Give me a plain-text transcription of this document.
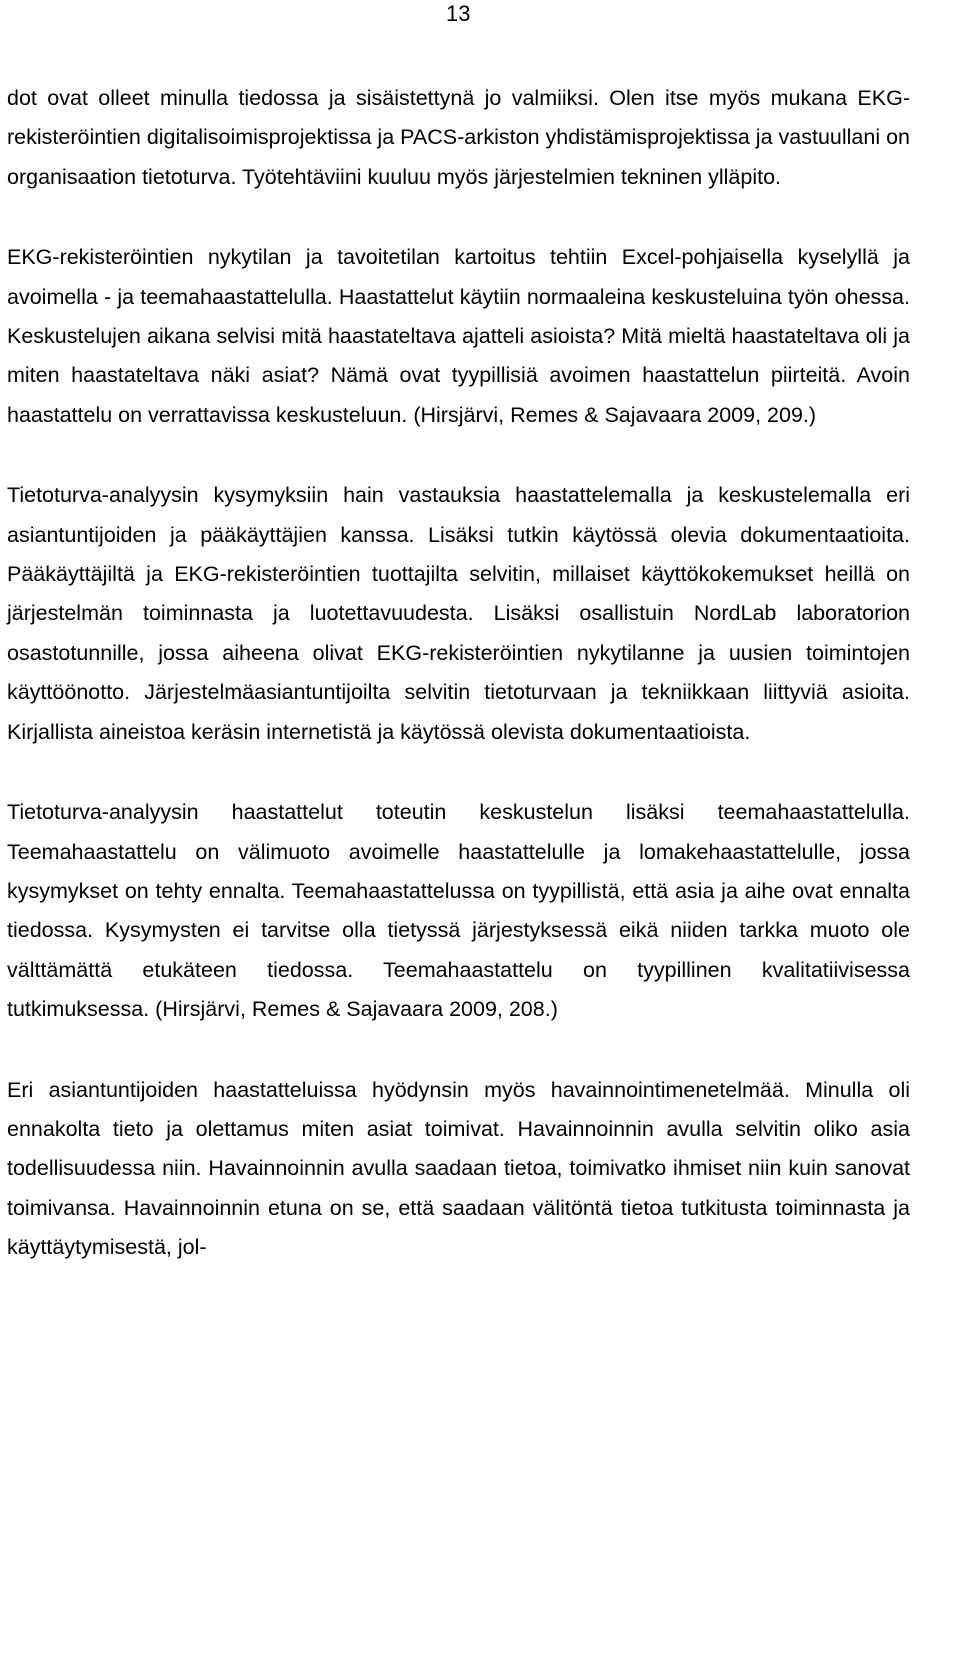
13

dot ovat olleet minulla tiedossa ja sisäistettynä jo valmiiksi. Olen itse myös mukana EKG-rekisteröintien digitalisoimisprojektissa ja PACS-arkiston yhdistämisprojektissa ja vastuullani on organisaation tietoturva. Työtehtäviini kuuluu myös järjestelmien tekninen ylläpito.

EKG-rekisteröintien nykytilan ja tavoitetilan kartoitus tehtiin Excel-pohjaisella kyselyllä ja avoimella - ja teemahaastattelulla. Haastattelut käytiin normaaleina keskusteluina työn ohessa. Keskustelujen aikana selvisi mitä haastateltava ajatteli asioista? Mitä mieltä haastateltava oli ja miten haastateltava näki asiat? Nämä ovat tyypillisiä avoimen haastattelun piirteitä. Avoin haastattelu on verrattavissa keskusteluun. (Hirsjärvi, Remes & Sajavaara 2009, 209.)

Tietoturva-analyysin kysymyksiin hain vastauksia haastattelemalla ja keskustelemalla eri asiantuntijoiden ja pääkäyttäjien kanssa. Lisäksi tutkin käytössä olevia dokumentaatioita. Pääkäyttäjiltä ja EKG-rekisteröintien tuottajilta selvitin, millaiset käyttökokemukset heillä on järjestelmän toiminnasta ja luotettavuudesta. Lisäksi osallistuin NordLab laboratorion osastotunnille, jossa aiheena olivat EKG-rekisteröintien nykytilanne ja uusien toimintojen käyttöönotto. Järjestelmäasiantuntijoilta selvitin tietoturvaan ja tekniikkaan liittyviä asioita. Kirjallista aineistoa keräsin internetistä ja käytössä olevista dokumentaatioista.

Tietoturva-analyysin haastattelut toteutin keskustelun lisäksi teemahaastattelulla. Teemahaastattelu on välimuoto avoimelle haastattelulle ja lomakehaastattelulle, jossa kysymykset on tehty ennalta. Teemahaastattelussa on tyypillistä, että asia ja aihe ovat ennalta tiedossa. Kysymysten ei tarvitse olla tietyssä järjestyksessä eikä niiden tarkka muoto ole välttämättä etukäteen tiedossa. Teemahaastattelu on tyypillinen kvalitatiivisessa tutkimuksessa. (Hirsjärvi, Remes & Sajavaara 2009, 208.)

Eri asiantuntijoiden haastatteluissa hyödynsin myös havainnointimenetelmää. Minulla oli ennakolta tieto ja olettamus miten asiat toimivat. Havainnoinnin avulla selvitin oliko asia todellisuudessa niin. Havainnoinnin avulla saadaan tietoa, toimivatko ihmiset niin kuin sanovat toimivansa. Havainnoinnin etuna on se, että saadaan välitöntä tietoa tutkitusta toiminnasta ja käyttäytymisestä, jol-
